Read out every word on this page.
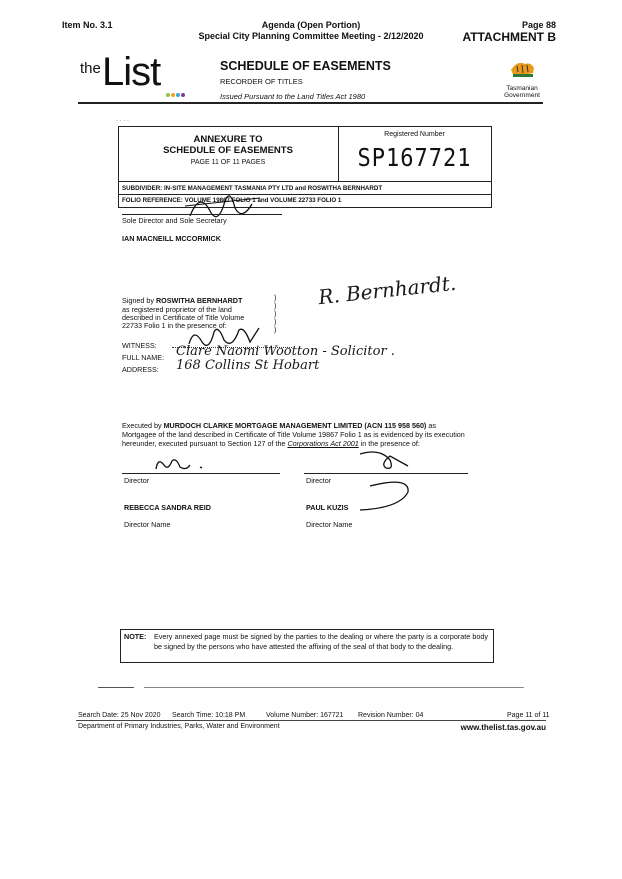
Item No. 3.1	Agenda (Open Portion)
Special City Planning Committee Meeting - 2/12/2020
Page 88
ATTACHMENT B
the List	SCHEDULE OF EASEMENTS
RECORDER OF TITLES
Issued Pursuant to the Land Titles Act 1980
Tasmanian
Government
· · · ·
ANNEXURE TO
SCHEDULE OF EASEMENTS
PAGE 11 OF 11 PAGES
Registered Number
SP167721
SUBDIVIDER: IN-SITE MANAGEMENT TASMANIA PTY LTD and ROSWITHA BERNHARDT
FOLIO REFERENCE: VOLUME 19867 FOLIO 1 and VOLUME 22733 FOLIO 1
Sole Director and Sole Secretary
IAN MACNEILL MCCORMICK
Signed by ROSWITHA BERNHARDT
as registered proprietor of the land
described in Certificate of Title Volume
22733 Folio 1 in the presence of:
)
)
)
)
)
R. Bernhardt.
WITNESS:
FULL NAME: Clare Naomi Wootton - Solicitor .
ADDRESS: 168 Collins St Hobart
Executed by MURDOCH CLARKE MORTGAGE MANAGEMENT LIMITED (ACN 115 958 560) as
Mortgagee of the land described in Certificate of Title Volume 19867 Folio 1 as is evidenced by its execution
hereunder, executed pursuant to Section 127 of the Corporations Act 2001 in the presence of:
Director	Director
REBECCA SANDRA REID	PAUL KUZIS
Director Name	Director Name
NOTE: Every annexed page must be signed by the parties to the dealing or where the party is a corporate body be signed by the persons who have attested the affixing of the seal of that body to the dealing.
Search Date: 25 Nov 2020 Search Time: 10:18 PM	Volume Number: 167721 Revision Number: 04	Page 11 of 11
Department of Primary Industries, Parks, Water and Environment	www.thelist.tas.gov.au
